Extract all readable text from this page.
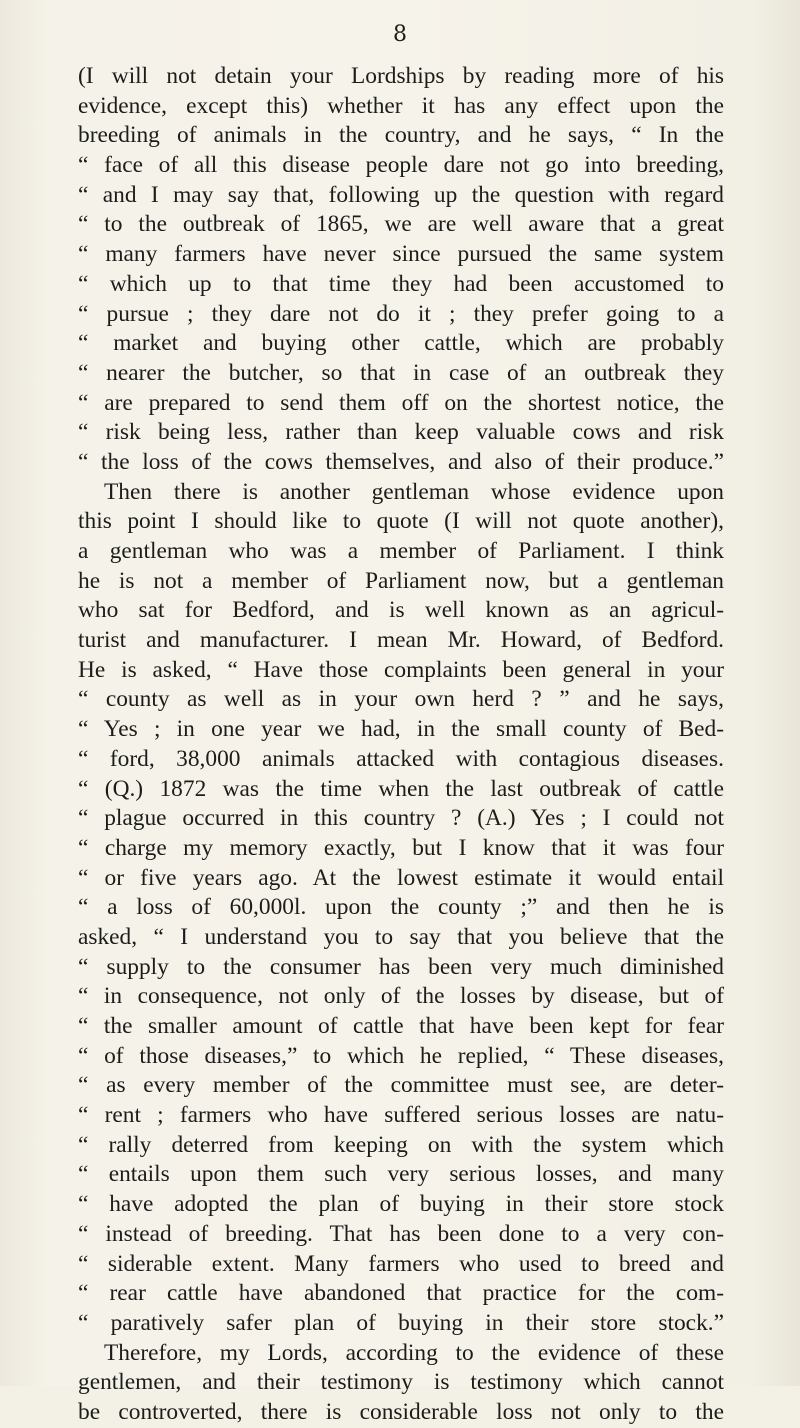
8
(I will not detain your Lordships by reading more of his
evidence, except this) whether it has any effect upon the
breeding of animals in the country, and he says, “ In the
“ face of all this disease people dare not go into breeding,
“ and I may say that, following up the question with regard
“ to the outbreak of 1865, we are well aware that a great
“ many farmers have never since pursued the same system
“ which up to that time they had been accustomed to
“ pursue ; they dare not do it ; they prefer going to a
“ market and buying other cattle, which are probably
“ nearer the butcher, so that in case of an outbreak they
“ are prepared to send them off on the shortest notice, the
“ risk being less, rather than keep valuable cows and risk
“ the loss of the cows themselves, and also of their produce.”
Then there is another gentleman whose evidence upon
this point I should like to quote (I will not quote another),
a gentleman who was a member of Parliament. I think
he is not a member of Parliament now, but a gentleman
who sat for Bedford, and is well known as an agricul-
turist and manufacturer. I mean Mr. Howard, of Bedford.
He is asked, “ Have those complaints been general in your
“ county as well as in your own herd ? ” and he says,
“ Yes ; in one year we had, in the small county of Bed-
“ ford, 38,000 animals attacked with contagious diseases.
“ (Q.) 1872 was the time when the last outbreak of cattle
“ plague occurred in this country ? (A.) Yes ; I could not
“ charge my memory exactly, but I know that it was four
“ or five years ago. At the lowest estimate it would entail
“ a loss of 60,000l. upon the county ;” and then he is
asked, “ I understand you to say that you believe that the
“ supply to the consumer has been very much diminished
“ in consequence, not only of the losses by disease, but of
“ the smaller amount of cattle that have been kept for fear
“ of those diseases,” to which he replied, “ These diseases,
“ as every member of the committee must see, are deter-
“ rent ; farmers who have suffered serious losses are natu-
“ rally deterred from keeping on with the system which
“ entails upon them such very serious losses, and many
“ have adopted the plan of buying in their store stock
“ instead of breeding. That has been done to a very con-
“ siderable extent. Many farmers who used to breed and
“ rear cattle have abandoned that practice for the com-
“ paratively safer plan of buying in their store stock.”
Therefore, my Lords, according to the evidence of these
gentlemen, and their testimony is testimony which cannot
be controverted, there is considerable loss not only to the
